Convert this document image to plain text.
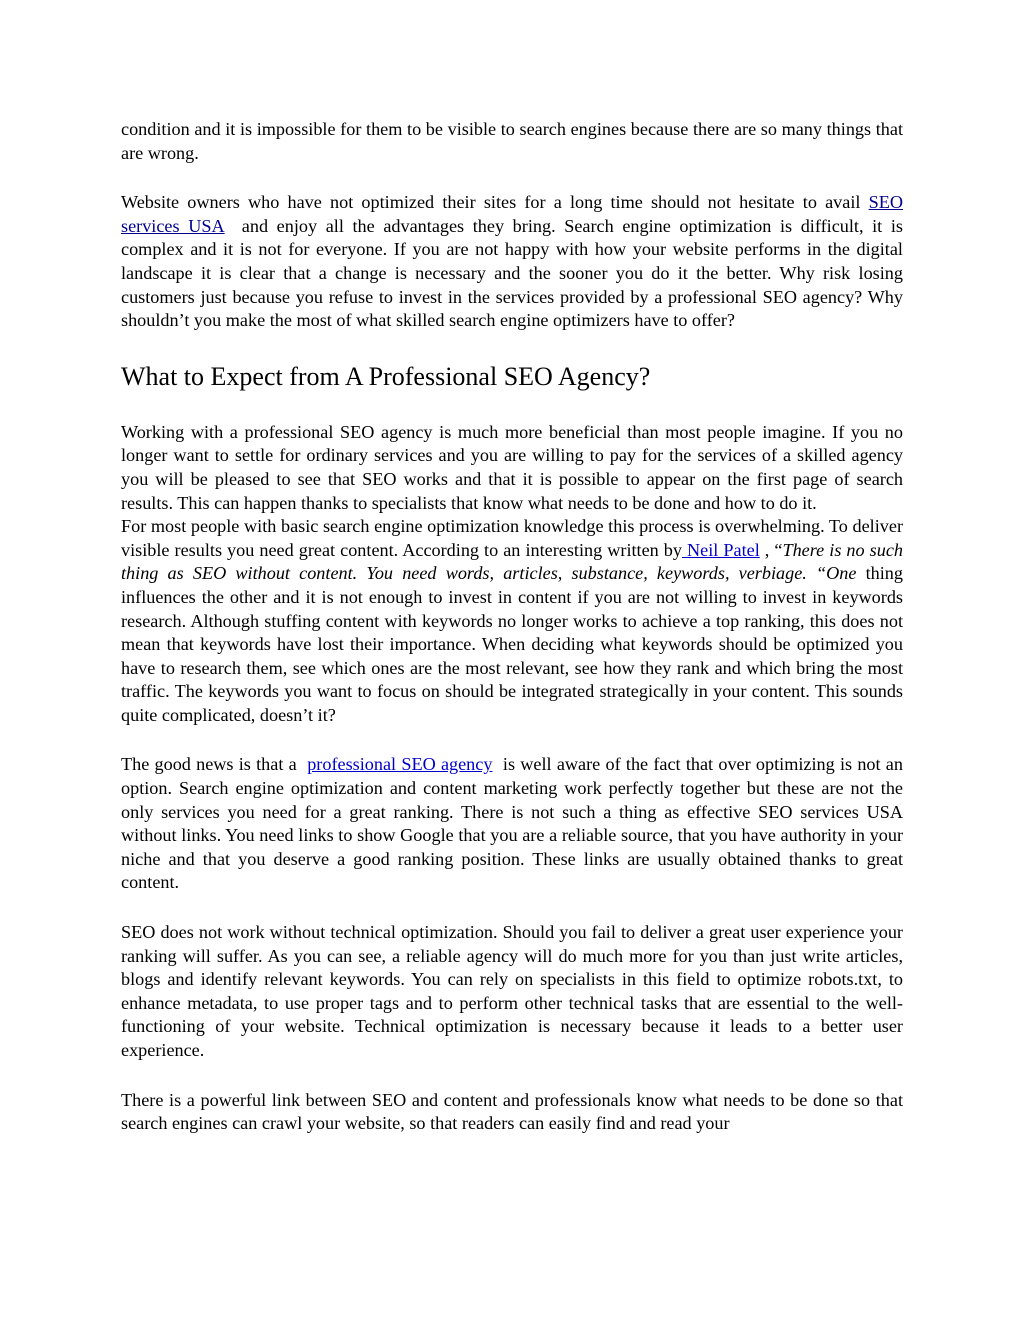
condition and it is impossible for them to be visible to search engines because there are so many things that are wrong.

Website owners who have not optimized their sites for a long time should not hesitate to avail SEO services USA  and enjoy all the advantages they bring. Search engine optimization is difficult, it is complex and it is not for everyone. If you are not happy with how your website performs in the digital landscape it is clear that a change is necessary and the sooner you do it the better. Why risk losing customers just because you refuse to invest in the services provided by a professional SEO agency? Why shouldn’t you make the most of what skilled search engine optimizers have to offer?

What to Expect from A Professional SEO Agency?

Working with a professional SEO agency is much more beneficial than most people imagine. If you no longer want to settle for ordinary services and you are willing to pay for the services of a skilled agency you will be pleased to see that SEO works and that it is possible to appear on the first page of search results. This can happen thanks to specialists that know what needs to be done and how to do it.

For most people with basic search engine optimization knowledge this process is overwhelming. To deliver visible results you need great content. According to an interesting written by Neil Patel , “There is no such thing as SEO without content. You need words, articles, substance, keywords, verbiage. “One thing influences the other and it is not enough to invest in content if you are not willing to invest in keywords research. Although stuffing content with keywords no longer works to achieve a top ranking, this does not mean that keywords have lost their importance. When deciding what keywords should be optimized you have to research them, see which ones are the most relevant, see how they rank and which bring the most traffic. The keywords you want to focus on should be integrated strategically in your content. This sounds quite complicated, doesn’t it?

The good news is that a  professional SEO agency  is well aware of the fact that over optimizing is not an option. Search engine optimization and content marketing work perfectly together but these are not the only services you need for a great ranking. There is not such a thing as effective SEO services USA without links. You need links to show Google that you are a reliable source, that you have authority in your niche and that you deserve a good ranking position. These links are usually obtained thanks to great content.

SEO does not work without technical optimization. Should you fail to deliver a great user experience your ranking will suffer. As you can see, a reliable agency will do much more for you than just write articles, blogs and identify relevant keywords. You can rely on specialists in this field to optimize robots.txt, to enhance metadata, to use proper tags and to perform other technical tasks that are essential to the well-functioning of your website. Technical optimization is necessary because it leads to a better user experience.

There is a powerful link between SEO and content and professionals know what needs to be done so that search engines can crawl your website, so that readers can easily find and read your
